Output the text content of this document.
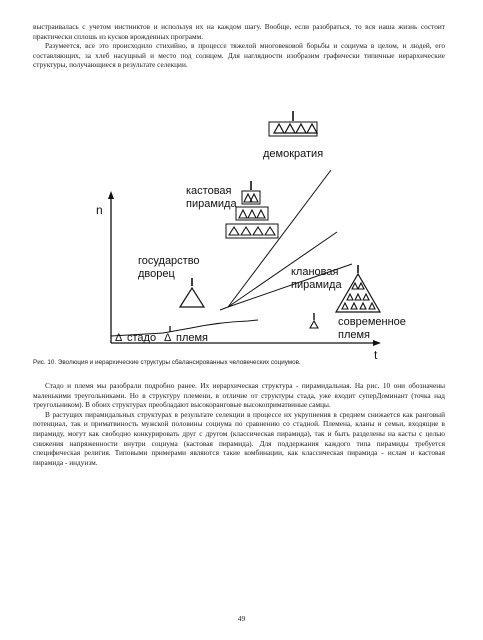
выстраивалась с учетом инстинктов и используя их на каждом шагу. Вообще, если разобраться, то вся наша жизнь состоит практически сплошь из кусков врожденных программ.

Разумеется, все это происходило стихийно, в процессе тяжелой многовековой борьбы и социума в целом, и людей, его составляющих, за хлеб насущный и место под солнцем. Для наглядности изобразим графически типичные иерархические структуры, получающиеся в результате селекции.

n
t
демократия
кастовая
пирамида
государство
дворец	клановая
пирамида
современное
племя
Δ стадо Δ племя
Рис. 10. Эволюция и иерархические структуры сбалансированных человеческих социумов.

Стадо и племя мы разобрали подробно ранее. Их иерархическая структура - пирамидальная. На рис. 10 они обозначены маленькими треугольниками. Но в структуру племени, в отличие от структуры стада, уже входит суперДоминант (точка над треугольником). В обоих структурах преобладают высокоранговые высокоприматвиные самцы.

В растущих пирамидальных структурах в результате селекции в процессе их укрупнения в среднем снижается как ранговый потенциал, так и приматвиность мужской половины социума по сравнению со стадной. Племена, кланы и семьи, входящие в пирамиду, могут как свободно конкурировать друг с другом (классическая пирамида), так и быть разделены на касты с целью снижения напряженности внутри социума (кастовая пирамида). Для поддержания каждого типа пирамиды требуется специфическая религия. Типовыми примерами являются такие комбинации, как классическая пирамида - ислам и кастовая пирамида - индуизм.

49
